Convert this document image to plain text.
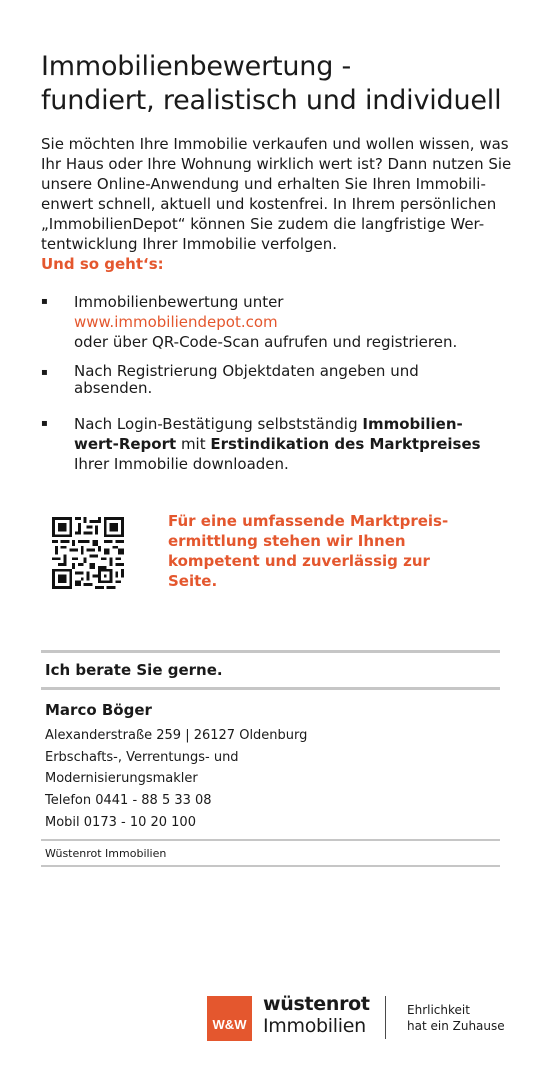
Immobilienbewertung -
fundiert, realistisch und individuell

Sie möchten Ihre Immobilie verkaufen und wollen wissen, was
Ihr Haus oder Ihre Wohnung wirklich wert ist? Dann nutzen Sie
unsere Online-Anwendung und erhalten Sie Ihren Immobili-
enwert schnell, aktuell und kostenfrei. In Ihrem persönlichen
„ImmobilienDepot“ können Sie zudem die langfristige Wer-
tentwicklung Ihrer Immobilie verfolgen.

Und so geht‘s:
▪ Immobilienbewertung unter
www.immobiliendepot.com
oder über QR-Code-Scan aufrufen und registrieren.
▪ Nach Registrierung Objektdaten angeben und
absenden.
▪ Nach Login-Bestätigung selbstständig Immobilien-
wert-Report mit Erstindikation des Marktpreises
Ihrer Immobilie downloaden.
Für eine umfassende Marktpreis-
ermittlung stehen wir Ihnen
kompetent und zuverlässig zur
Seite.
Ich berate Sie gerne.
Marco Böger
Alexanderstraße 259 | 26127 Oldenburg
Erbschafts-, Verrentungs- und
Modernisierungsmakler
Telefon 0441 - 88 5 33 08
Mobil 0173 - 10 20 100
Wüstenrot Immobilien
W&W
wüstenrot
Immobilien
Ehrlichkeit
hat ein Zuhause
